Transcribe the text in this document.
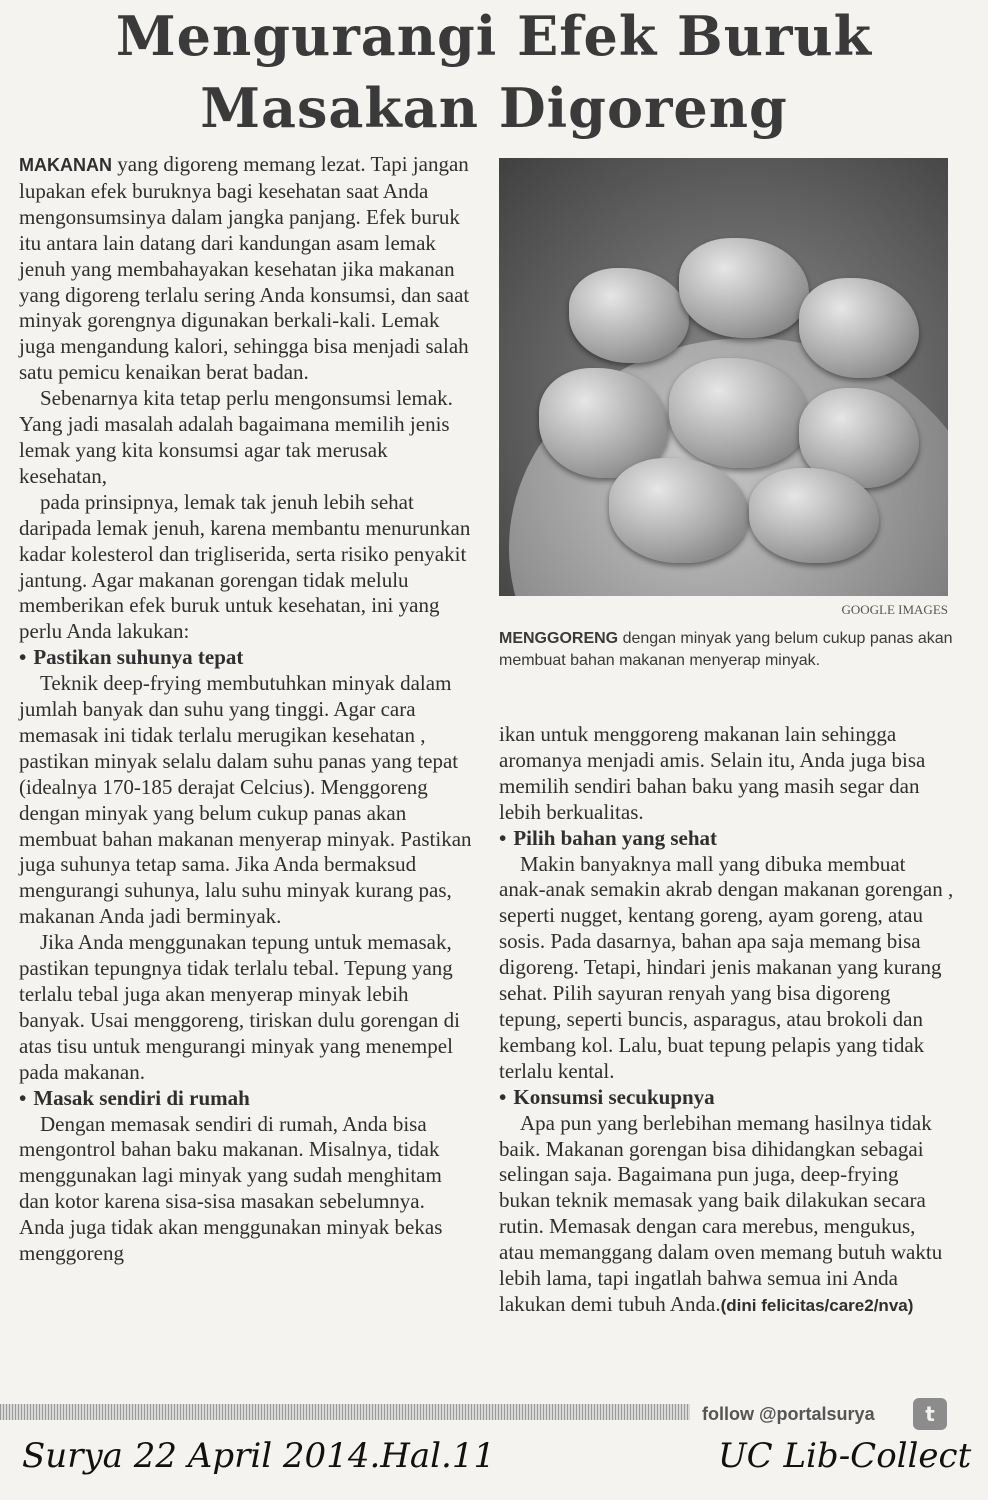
Mengurangi Efek Buruk
Masakan Digoreng

MAKANAN yang digoreng memang lezat. Tapi jangan lupakan efek buruknya bagi kesehatan saat Anda mengonsumsinya dalam jangka panjang. Efek buruk itu antara lain datang dari kandungan asam lemak jenuh yang membahayakan kesehatan jika makanan yang digoreng terlalu sering Anda konsumsi, dan saat minyak gorengnya digunakan berkali-kali. Lemak juga mengandung kalori, sehingga bisa menjadi salah satu pemicu kenaikan berat badan.

Sebenarnya kita tetap perlu mengonsumsi lemak. Yang jadi masalah adalah bagaimana memilih jenis lemak yang kita konsumsi agar tak merusak kesehatan,

pada prinsipnya, lemak tak jenuh lebih sehat daripada lemak jenuh, karena membantu menurunkan kadar kolesterol dan trigliserida, serta risiko penyakit jantung. Agar makanan gorengan tidak melulu memberikan efek buruk untuk kesehatan, ini yang perlu Anda lakukan:

• Pastikan suhunya tepat

Teknik deep-frying membutuhkan minyak dalam jumlah banyak dan suhu yang tinggi. Agar cara memasak ini tidak terlalu merugikan kesehatan , pastikan minyak selalu dalam suhu panas yang tepat (idealnya 170-185 derajat Celcius). Menggoreng dengan minyak yang belum cukup panas akan membuat bahan makanan menyerap minyak. Pastikan juga suhunya tetap sama. Jika Anda bermaksud mengurangi suhunya, lalu suhu minyak kurang pas, makanan Anda jadi berminyak.

Jika Anda menggunakan tepung untuk memasak, pastikan tepungnya tidak terlalu tebal. Tepung yang terlalu tebal juga akan menyerap minyak lebih banyak. Usai menggoreng, tiriskan dulu gorengan di atas tisu untuk mengurangi minyak yang menempel pada makanan.

• Masak sendiri di rumah

Dengan memasak sendiri di rumah, Anda bisa mengontrol bahan baku makanan. Misalnya, tidak menggunakan lagi minyak yang sudah menghitam dan kotor karena sisa-sisa masakan sebelumnya. Anda juga tidak akan menggunakan minyak bekas menggoreng

GOOGLE IMAGES
MENGGORENG dengan minyak yang belum cukup panas akan membuat bahan makanan menyerap minyak.

ikan untuk menggoreng makanan lain sehingga aromanya menjadi amis. Selain itu, Anda juga bisa memilih sendiri bahan baku yang masih segar dan lebih berkualitas.

• Pilih bahan yang sehat

Makin banyaknya mall yang dibuka membuat anak-anak semakin akrab dengan makanan gorengan , seperti nugget, kentang goreng, ayam goreng, atau sosis. Pada dasarnya, bahan apa saja memang bisa digoreng. Tetapi, hindari jenis makanan yang kurang sehat. Pilih sayuran renyah yang bisa digoreng tepung, seperti buncis, asparagus, atau brokoli dan kembang kol. Lalu, buat tepung pelapis yang tidak terlalu kental.

• Konsumsi secukupnya

Apa pun yang berlebihan memang hasilnya tidak baik. Makanan gorengan bisa dihidangkan sebagai selingan saja. Bagaimana pun juga, deep-frying bukan teknik memasak yang baik dilakukan secara rutin. Memasak dengan cara merebus, mengukus, atau memanggang dalam oven memang butuh waktu lebih lama, tapi ingatlah bahwa semua ini Anda lakukan demi tubuh Anda.(dini felicitas/care2/nva)

follow @portalsurya	t
Surya 22 April 2014.Hal.11	UC Lib-Collect
